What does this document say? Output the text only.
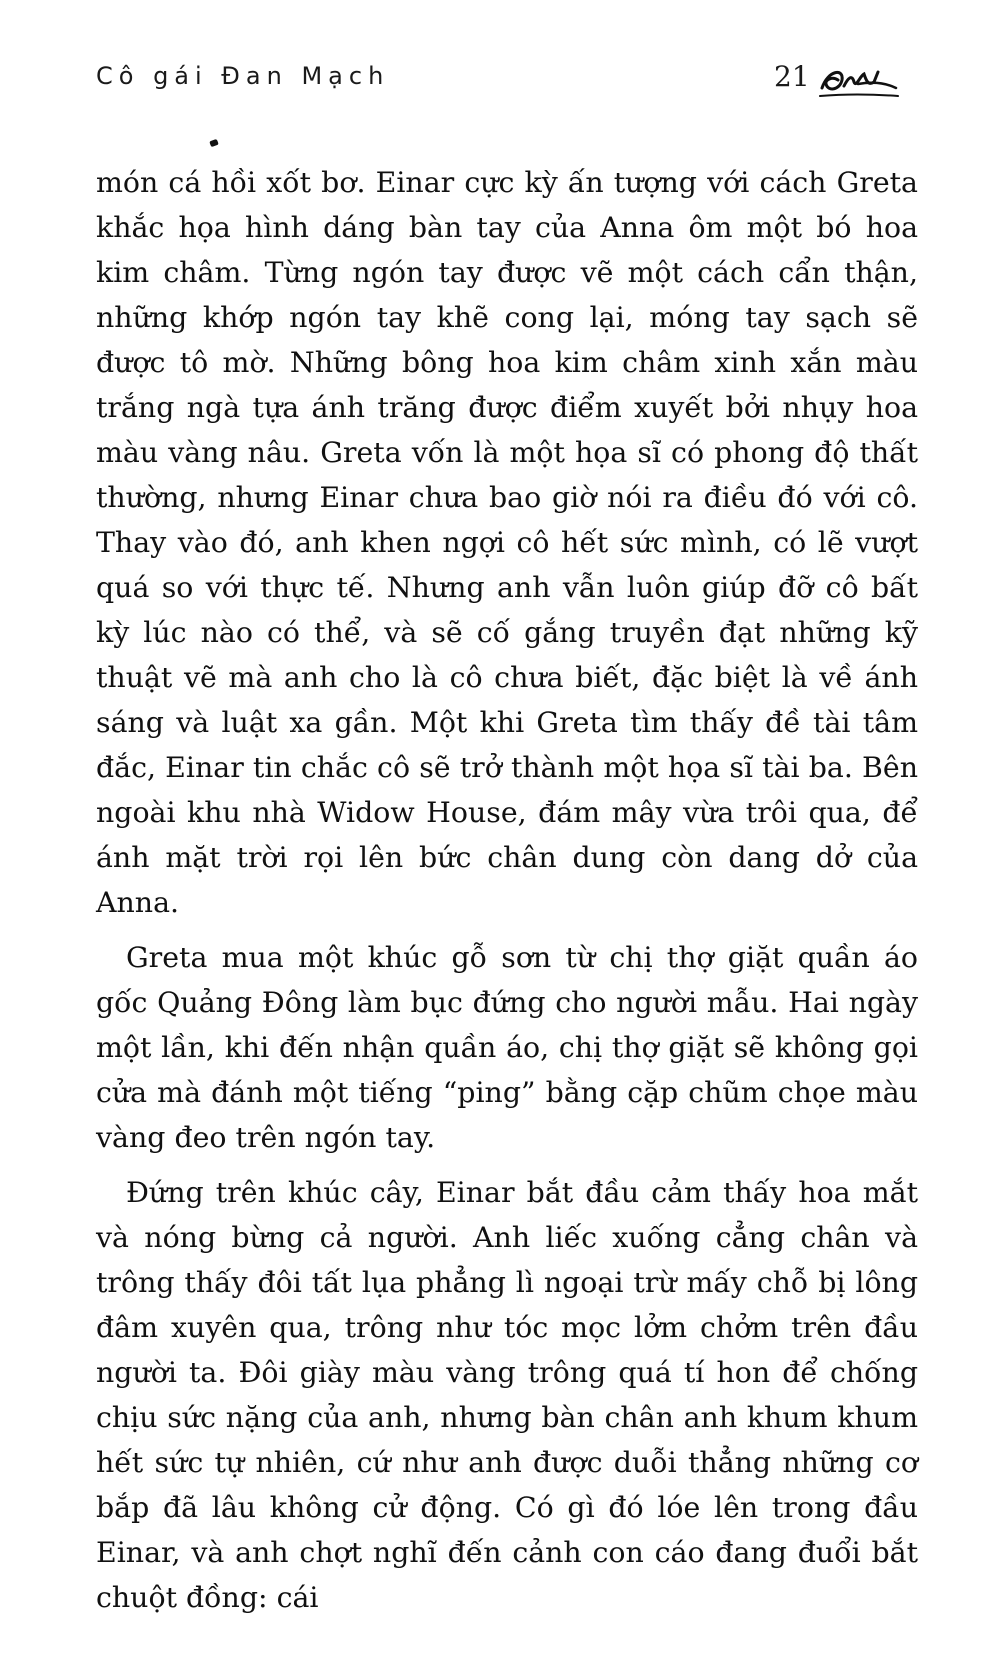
Cô gái Đan Mạch	21

món cá hồi xốt bơ. Einar cực kỳ ấn tượng với cách Greta khắc họa hình dáng bàn tay của Anna ôm một bó hoa kim châm. Từng ngón tay được vẽ một cách cẩn thận, những khớp ngón tay khẽ cong lại, móng tay sạch sẽ được tô mờ. Những bông hoa kim châm xinh xắn màu trắng ngà tựa ánh trăng được điểm xuyết bởi nhụy hoa màu vàng nâu. Greta vốn là một họa sĩ có phong độ thất thường, nhưng Einar chưa bao giờ nói ra điều đó với cô. Thay vào đó, anh khen ngợi cô hết sức mình, có lẽ vượt quá so với thực tế. Nhưng anh vẫn luôn giúp đỡ cô bất kỳ lúc nào có thể, và sẽ cố gắng truyền đạt những kỹ thuật vẽ mà anh cho là cô chưa biết, đặc biệt là về ánh sáng và luật xa gần. Một khi Greta tìm thấy đề tài tâm đắc, Einar tin chắc cô sẽ trở thành một họa sĩ tài ba. Bên ngoài khu nhà Widow House, đám mây vừa trôi qua, để ánh mặt trời rọi lên bức chân dung còn dang dở của Anna.

Greta mua một khúc gỗ sơn từ chị thợ giặt quần áo gốc Quảng Đông làm bục đứng cho người mẫu. Hai ngày một lần, khi đến nhận quần áo, chị thợ giặt sẽ không gọi cửa mà đánh một tiếng “ping” bằng cặp chũm chọe màu vàng đeo trên ngón tay.

Đứng trên khúc cây, Einar bắt đầu cảm thấy hoa mắt và nóng bừng cả người. Anh liếc xuống cẳng chân và trông thấy đôi tất lụa phẳng lì ngoại trừ mấy chỗ bị lông đâm xuyên qua, trông như tóc mọc lởm chởm trên đầu người ta. Đôi giày màu vàng trông quá tí hon để chống chịu sức nặng của anh, nhưng bàn chân anh khum khum hết sức tự nhiên, cứ như anh được duỗi thẳng những cơ bắp đã lâu không cử động. Có gì đó lóe lên trong đầu Einar, và anh chợt nghĩ đến cảnh con cáo đang đuổi bắt chuột đồng: cái
